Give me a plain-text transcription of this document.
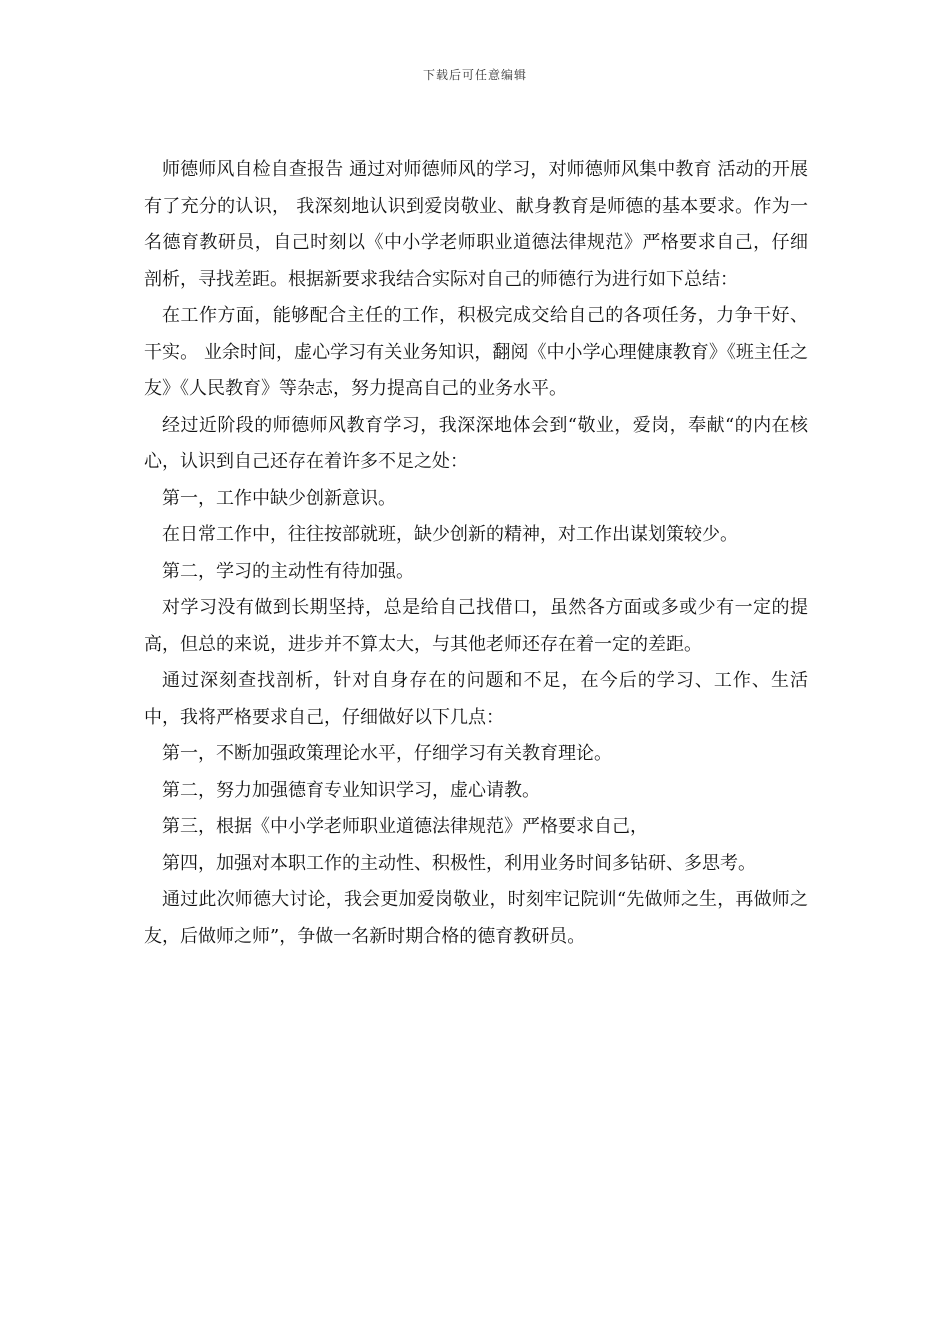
下载后可任意编辑

师德师风自检自查报告 通过对师德师风的学习，对师德师风集中教育 活动的开展有了充分的认识， 我深刻地认识到爱岗敬业、献身教育是师德的基本要求。作为一名德育教研员，自己时刻以《中小学老师职业道德法律规范》严格要求自己，仔细剖析，寻找差距。根据新要求我结合实际对自己的师德行为进行如下总结：

在工作方面，能够配合主任的工作，积极完成交给自己的各项任务，力争干好、干实。 业余时间，虚心学习有关业务知识，翻阅《中小学心理健康教育》《班主任之友》《人民教育》等杂志，努力提高自己的业务水平。

经过近阶段的师德师风教育学习，我深深地体会到“敬业，爱岗，奉献“的内在核心，认识到自己还存在着许多不足之处：

第一，工作中缺少创新意识。

在日常工作中，往往按部就班，缺少创新的精神，对工作出谋划策较少。

第二，学习的主动性有待加强。

对学习没有做到长期坚持，总是给自己找借口，虽然各方面或多或少有一定的提高，但总的来说，进步并不算太大，与其他老师还存在着一定的差距。

通过深刻查找剖析，针对自身存在的问题和不足，在今后的学习、工作、生活中，我将严格要求自己，仔细做好以下几点：

第一，不断加强政策理论水平，仔细学习有关教育理论。

第二，努力加强德育专业知识学习，虚心请教。

第三，根据《中小学老师职业道德法律规范》严格要求自己，

第四，加强对本职工作的主动性、积极性，利用业务时间多钻研、多思考。

通过此次师德大讨论，我会更加爱岗敬业，时刻牢记院训“先做师之生，再做师之友，后做师之师”，争做一名新时期合格的德育教研员。
